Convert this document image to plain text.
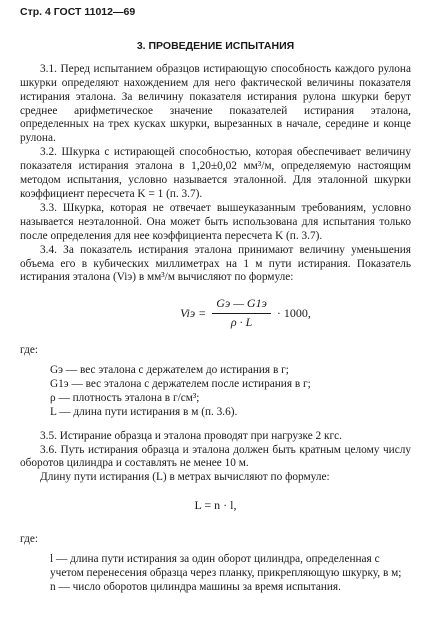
Стр. 4 ГОСТ 11012—69
3. ПРОВЕДЕНИЕ ИСПЫТАНИЯ

3.1. Перед испытанием образцов истирающую способность каждого рулона шкурки определяют нахождением для него фактической величины показателя истирания эталона. За величину показателя истирания рулона шкурки берут среднее арифметическое значение показателей истирания эталона, определенных на трех кусках шкурки, вырезанных в начале, середине и конце рулона.

3.2. Шкурка с истирающей способностью, которая обеспечивает величину показателя истирания эталона в 1,20±0,02 мм³/м, определяемую настоящим методом испытания, условно называется эталонной. Для эталонной шкурки коэффициент пересчета K = 1 (п. 3.7).

3.3. Шкурка, которая не отвечает вышеуказанным требованиям, условно называется неэталонной. Она может быть использована для испытания только после определения для нее коэффициента пересчета K (п. 3.7).

3.4. За показатель истирания эталона принимают величину уменьшения объема его в кубических миллиметрах на 1 м пути истирания. Показатель истирания эталона (Viэ) в мм³/м вычисляют по формуле:

Viэ = $\frac{Gэ — G1э}{\rho \cdot L} \cdot 1000$,

где:

Gэ — вес эталона с держателем до истирания в г;

G1э — вес эталона с держателем после истирания в г;

ρ — плотность эталона в г/см³;

L — длина пути истирания в м (п. 3.6).

3.5. Истирание образца и эталона проводят при нагрузке 2 кгс.

3.6. Путь истирания образца и эталона должен быть кратным целому числу оборотов цилиндра и составлять не менее 10 м.

Длину пути истирания (L) в метрах вычисляют по формуле:

L = n · l,

где:

l — длина пути истирания за один оборот цилиндра, определенная с учетом перенесения образца через планку, прикрепляющую шкурку, в м;

n — число оборотов цилиндра машины за время испытания.
